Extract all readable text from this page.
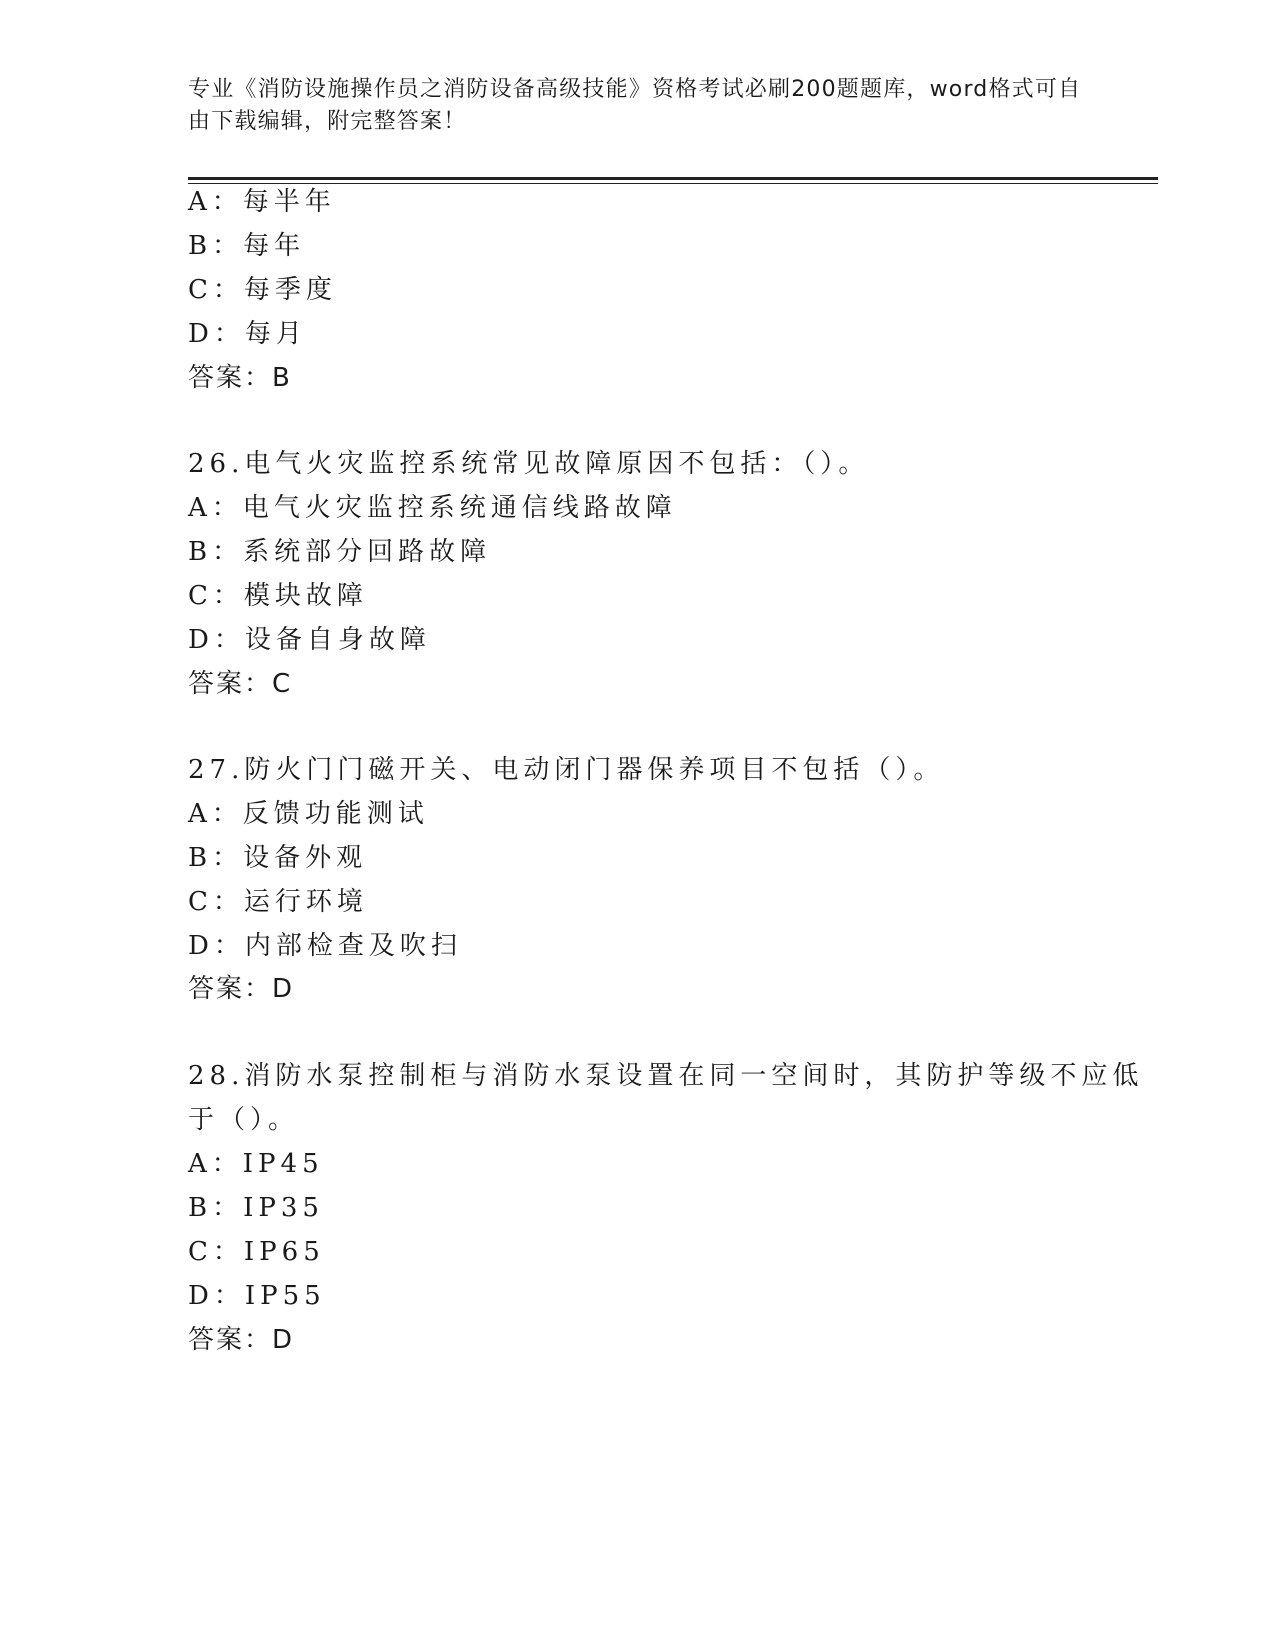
专业《消防设施操作员之消防设备高级技能》资格考试必刷200题题库，word格式可自由下载编辑，附完整答案！
A：每半年
B：每年
C：每季度
D：每月
答案：B
26.电气火灾监控系统常见故障原因不包括：（）。
A：电气火灾监控系统通信线路故障
B：系统部分回路故障
C：模块故障
D：设备自身故障
答案：C
27.防火门门磁开关、电动闭门器保养项目不包括（）。
A：反馈功能测试
B：设备外观
C：运行环境
D：内部检查及吹扫
答案：D
28.消防水泵控制柜与消防水泵设置在同一空间时，其防护等级不应低
于（）。
A：IP45
B：IP35
C：IP65
D：IP55
答案：D
